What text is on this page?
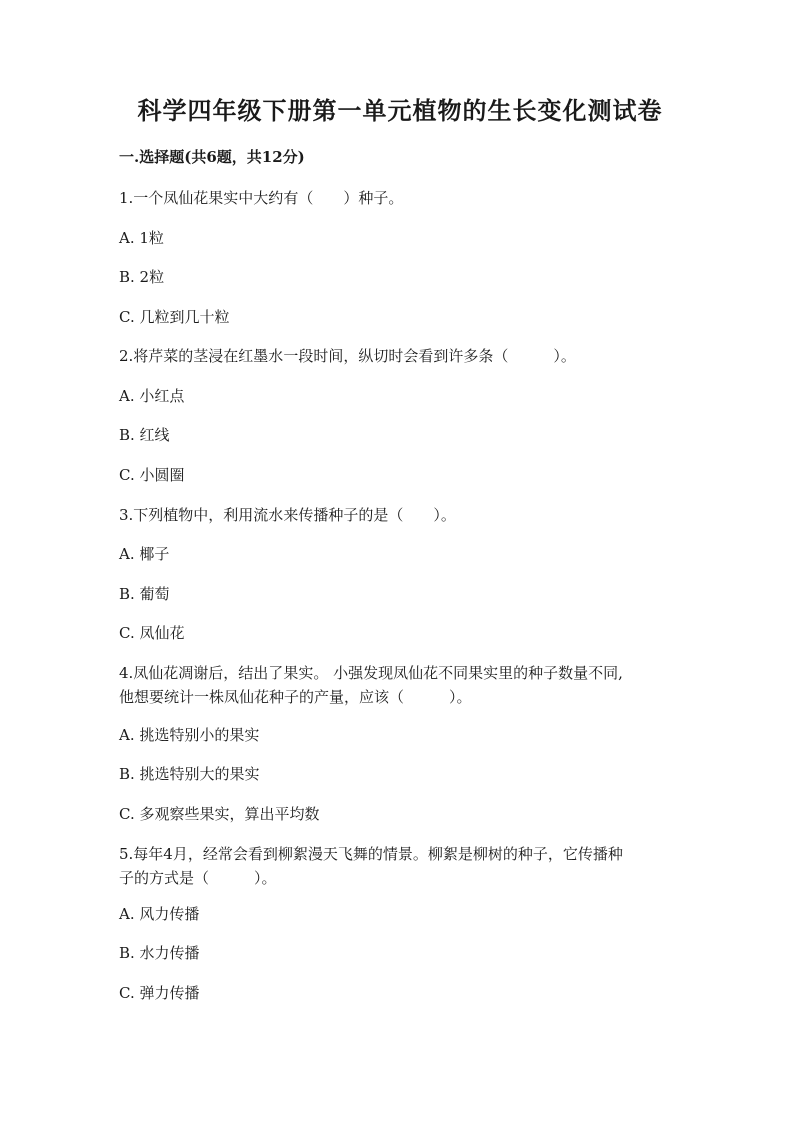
科学四年级下册第一单元植物的生长变化测试卷
一.选择题(共6题，共12分)
1.一个凤仙花果实中大约有（　　）种子。
A. 1粒
B. 2粒
C. 几粒到几十粒
2.将芹菜的茎浸在红墨水一段时间，纵切时会看到许多条（　　　）。
A. 小红点
B. 红线
C. 小圆圈
3.下列植物中，利用流水来传播种子的是（　　）。
A. 椰子
B. 葡萄
C. 凤仙花
4.凤仙花凋谢后，结出了果实。 小强发现凤仙花不同果实里的种子数量不同,
他想要统计一株凤仙花种子的产量，应该（　　　）。
A. 挑选特别小的果实
B. 挑选特别大的果实
C. 多观察些果实，算出平均数
5.每年4月，经常会看到柳絮漫天飞舞的情景。柳絮是柳树的种子，它传播种
子的方式是（　　　）。
A. 风力传播
B. 水力传播
C. 弹力传播
